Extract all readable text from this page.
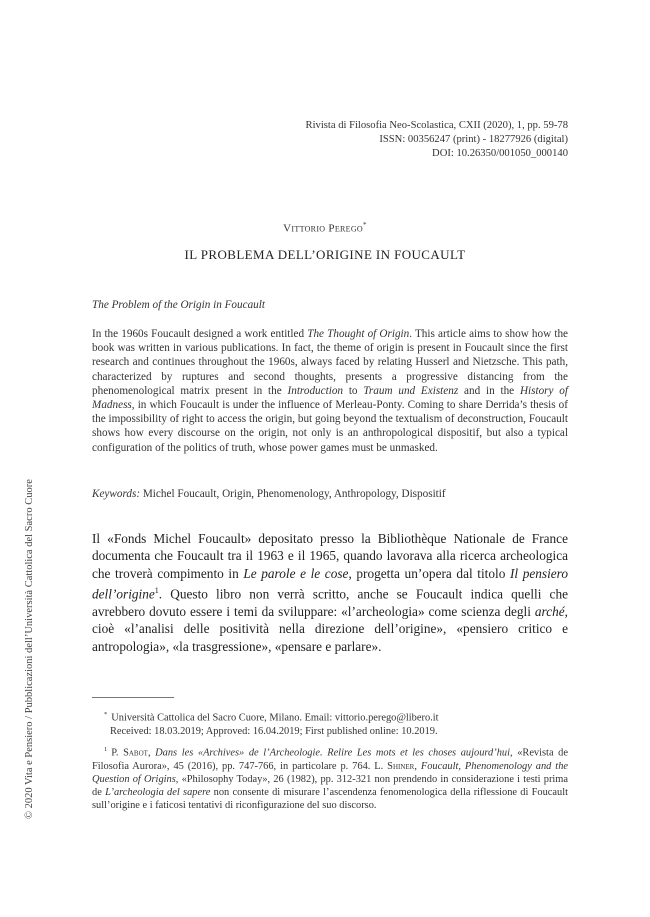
Rivista di Filosofia Neo-Scolastica, CXII (2020), 1, pp. 59-78
ISSN: 00356247 (print) - 18277926 (digital)
DOI: 10.26350/001050_000140
Vittorio Perego*
IL PROBLEMA DELL’ORIGINE IN FOUCAULT
The Problem of the Origin in Foucault
In the 1960s Foucault designed a work entitled The Thought of Origin. This article aims to show how the book was written in various publications. In fact, the theme of origin is present in Foucault since the first research and continues throughout the 1960s, always faced by relating Husserl and Nietzsche. This path, characterized by ruptures and second thoughts, presents a progressive distancing from the phenomenological matrix present in the Introduction to Traum und Existenz and in the History of Madness, in which Foucault is under the influence of Merleau-Ponty. Coming to share Derrida’s thesis of the impossibility of right to access the origin, but going beyond the textualism of deconstruction, Foucault shows how every discourse on the origin, not only is an anthropological dispositif, but also a typical configuration of the politics of truth, whose power games must be unmasked.
Keywords: Michel Foucault, Origin, Phenomenology, Anthropology, Dispositif
Il «Fonds Michel Foucault» depositato presso la Bibliothèque Nationale de France documenta che Foucault tra il 1963 e il 1965, quando lavorava alla ricerca archeologica che troverà compimento in Le parole e le cose, progetta un’opera dal titolo Il pensiero dell’origine$^1$. Questo libro non verrà scritto, anche se Foucault indica quelli che avrebbero dovuto essere i temi da sviluppare: «l’archeologia» come scienza degli arché, cioè «l’analisi delle positività nella direzione dell’origine», «pensiero critico e antropologia», «la trasgressione», «pensare e parlare».
* Università Cattolica del Sacro Cuore, Milano. Email: vittorio.perego@libero.it
Received: 18.03.2019; Approved: 16.04.2019; First published online: 10.2019.
$^1$ P. Sabot, Dans les «Archives» de l’Archeologie. Relire Les mots et les choses aujourd’hui, «Revista de Filosofia Aurora», 45 (2016), pp. 747-766, in particolare p. 764. L. Shiner, Foucault, Phenomenology and the Question of Origins, «Philosophy Today», 26 (1982), pp. 312-321 non prendendo in considerazione i testi prima de L’archeologia del sapere non consente di misurare l’ascendenza fenomenologica della riflessione di Foucault sull’origine e i faticosi tentativi di riconfigurazione del suo discorso.
© 2020 Vita e Pensiero / Pubblicazioni dell’Università Cattolica del Sacro Cuore
